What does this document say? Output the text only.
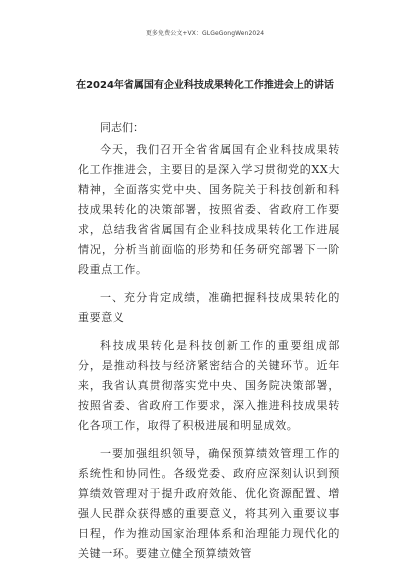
更多免费公文+VX：GLGeGongWen2024
在2024年省属国有企业科技成果转化工作推进会上的讲话
同志们：

今天，我们召开全省省属国有企业科技成果转化工作推进会，主要目的是深入学习贯彻党的XX大精神，全面落实党中央、国务院关于科技创新和科技成果转化的决策部署，按照省委、省政府工作要求，总结我省省属国有企业科技成果转化工作进展情况，分析当前面临的形势和任务研究部署下一阶段重点工作。

一、充分肯定成绩，准确把握科技成果转化的重要意义

科技成果转化是科技创新工作的重要组成部分，是推动科技与经济紧密结合的关键环节。近年来，我省认真贯彻落实党中央、国务院决策部署，按照省委、省政府工作要求，深入推进科技成果转化各项工作，取得了积极进展和明显成效。

一要加强组织领导，确保预算绩效管理工作的系统性和协同性。各级党委、政府应深刻认识到预算绩效管理对于提升政府效能、优化资源配置、增强人民群众获得感的重要意义，将其列入重要议事日程，作为推动国家治理体系和治理能力现代化的关键一环。要建立健全预算绩效管
